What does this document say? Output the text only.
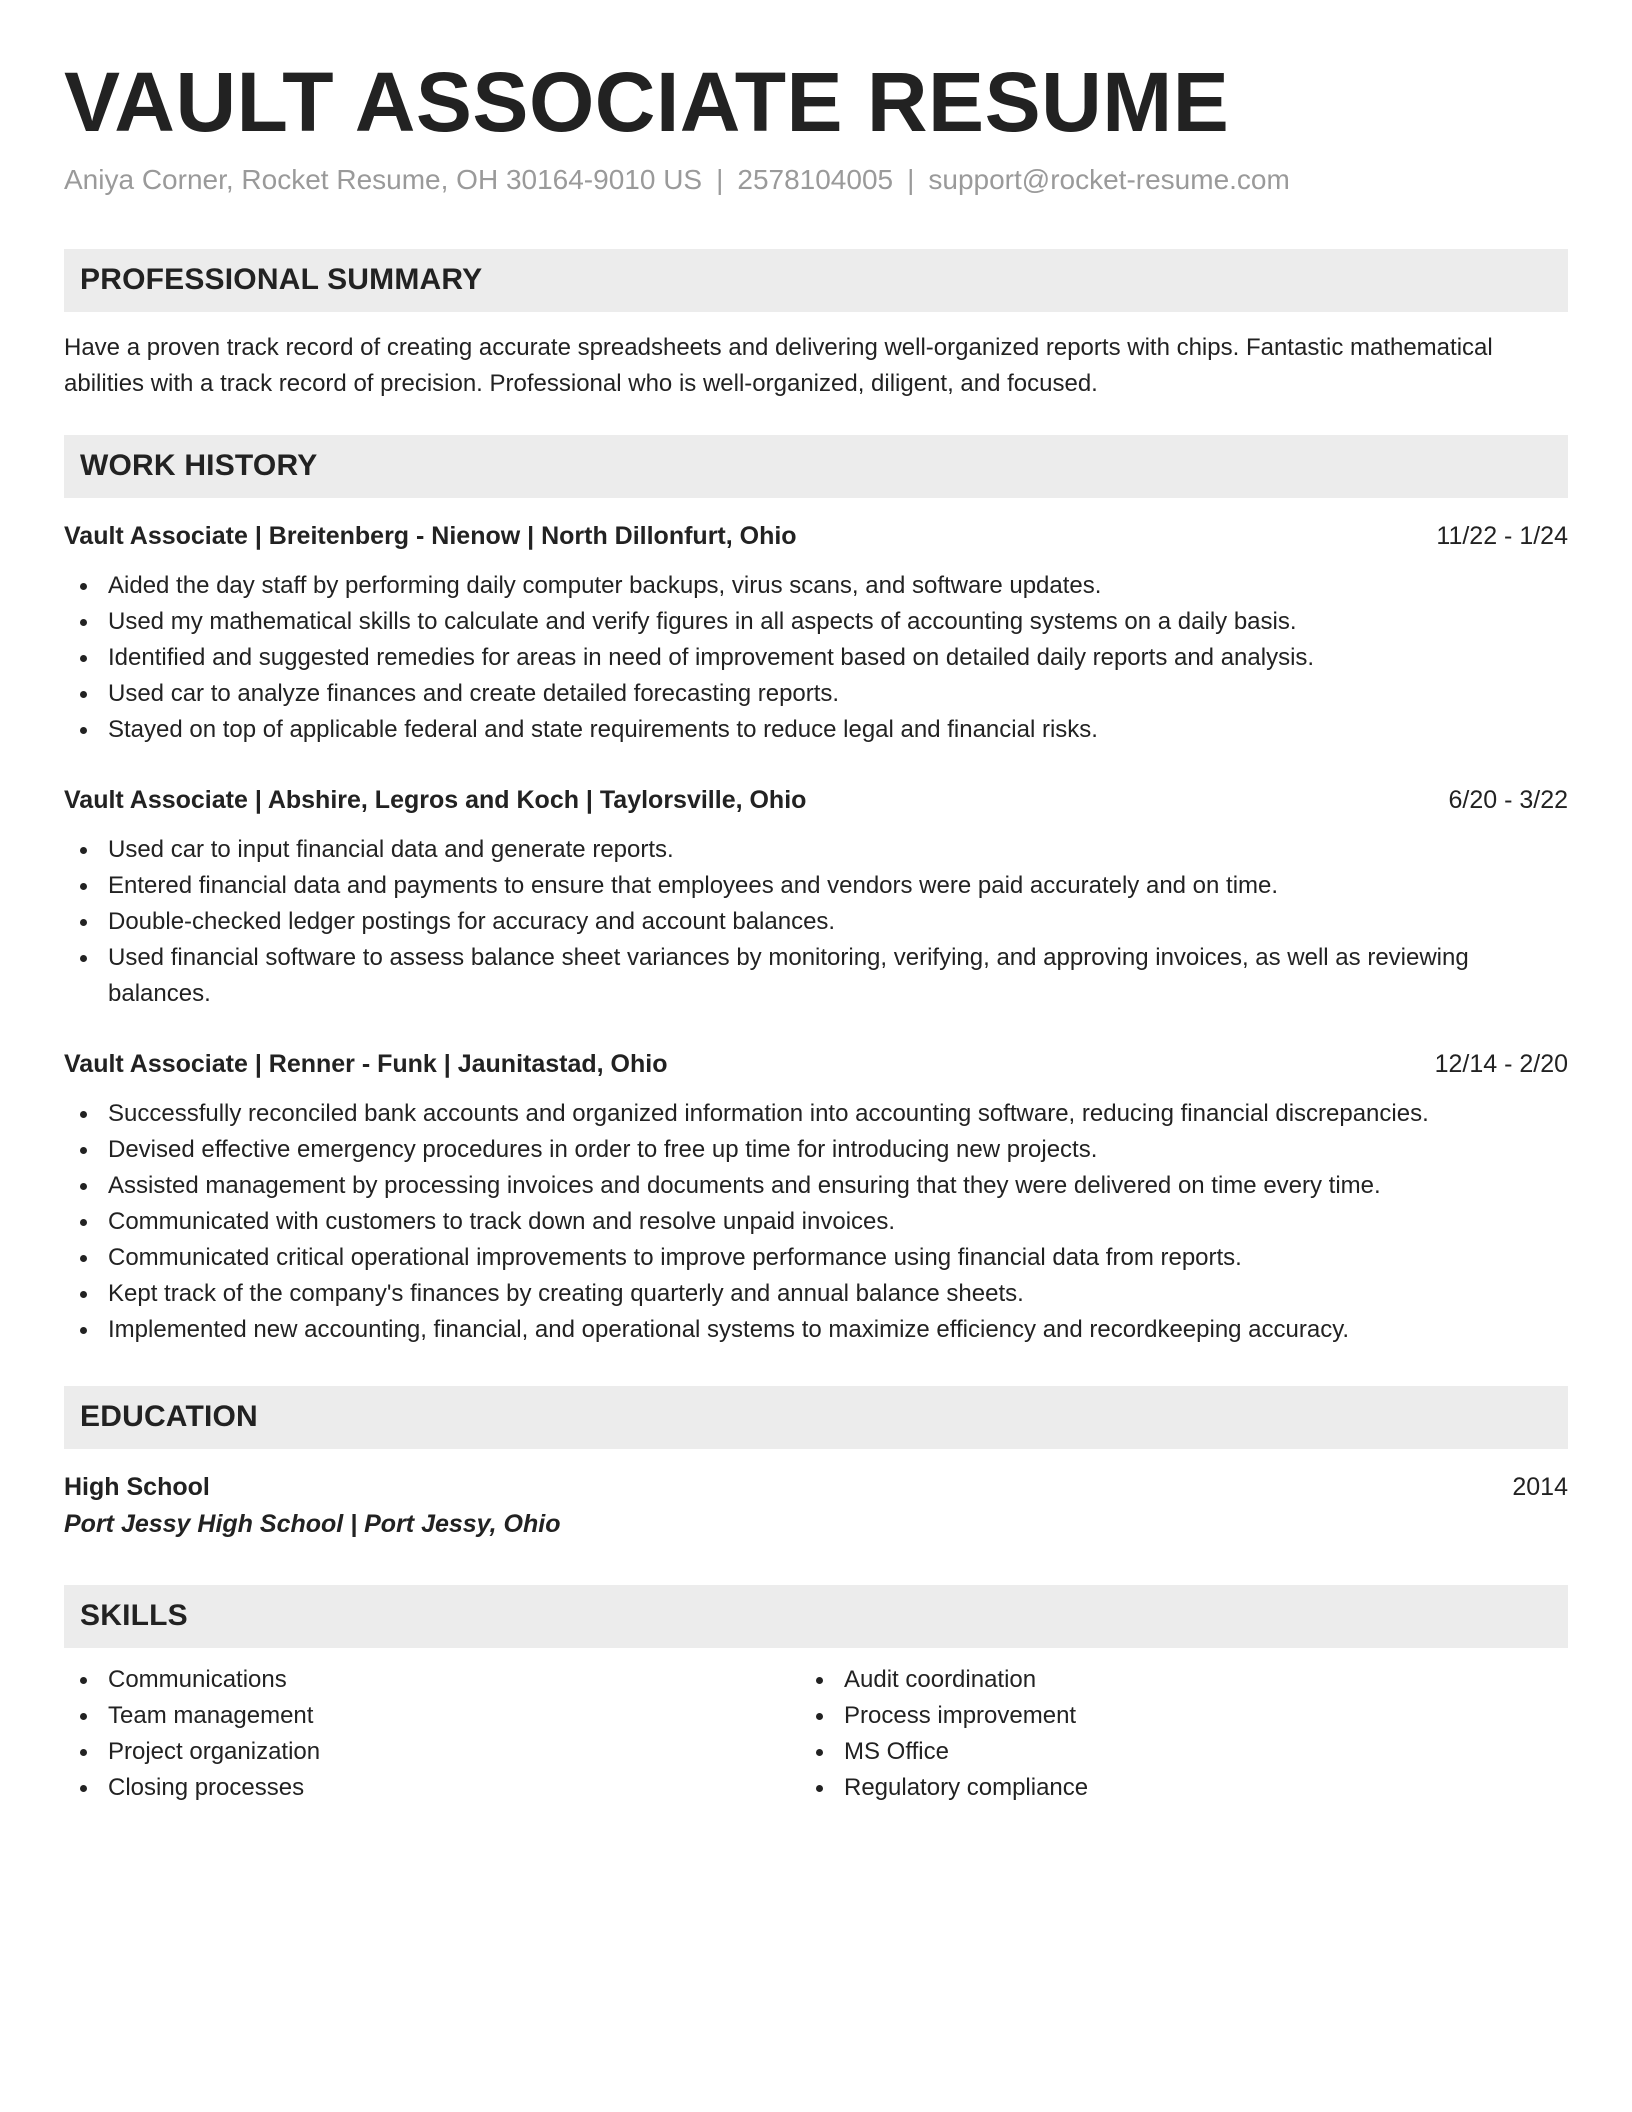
VAULT ASSOCIATE RESUME
Aniya Corner, Rocket Resume, OH 30164-9010 US | 2578104005 | support@rocket-resume.com
PROFESSIONAL SUMMARY

Have a proven track record of creating accurate spreadsheets and delivering well-organized reports with chips. Fantastic mathematical abilities with a track record of precision. Professional who is well-organized, diligent, and focused.

WORK HISTORY
Vault Associate | Breitenberg - Nienow | North Dillonfurt, Ohio	11/22 - 1/24
Aided the day staff by performing daily computer backups, virus scans, and software updates.
Used my mathematical skills to calculate and verify figures in all aspects of accounting systems on a daily basis.
Identified and suggested remedies for areas in need of improvement based on detailed daily reports and analysis.
Used car to analyze finances and create detailed forecasting reports.
Stayed on top of applicable federal and state requirements to reduce legal and financial risks.
Vault Associate | Abshire, Legros and Koch | Taylorsville, Ohio	6/20 - 3/22
Used car to input financial data and generate reports.
Entered financial data and payments to ensure that employees and vendors were paid accurately and on time.
Double-checked ledger postings for accuracy and account balances.
Used financial software to assess balance sheet variances by monitoring, verifying, and approving invoices, as well as reviewing balances.
Vault Associate | Renner - Funk | Jaunitastad, Ohio	12/14 - 2/20
Successfully reconciled bank accounts and organized information into accounting software, reducing financial discrepancies.
Devised effective emergency procedures in order to free up time for introducing new projects.
Assisted management by processing invoices and documents and ensuring that they were delivered on time every time.
Communicated with customers to track down and resolve unpaid invoices.
Communicated critical operational improvements to improve performance using financial data from reports.
Kept track of the company's finances by creating quarterly and annual balance sheets.
Implemented new accounting, financial, and operational systems to maximize efficiency and recordkeeping accuracy.
EDUCATION
High School	2014
Port Jessy High School | Port Jessy, Ohio
SKILLS
Communications
Team management
Project organization
Closing processes
Audit coordination
Process improvement
MS Office
Regulatory compliance
